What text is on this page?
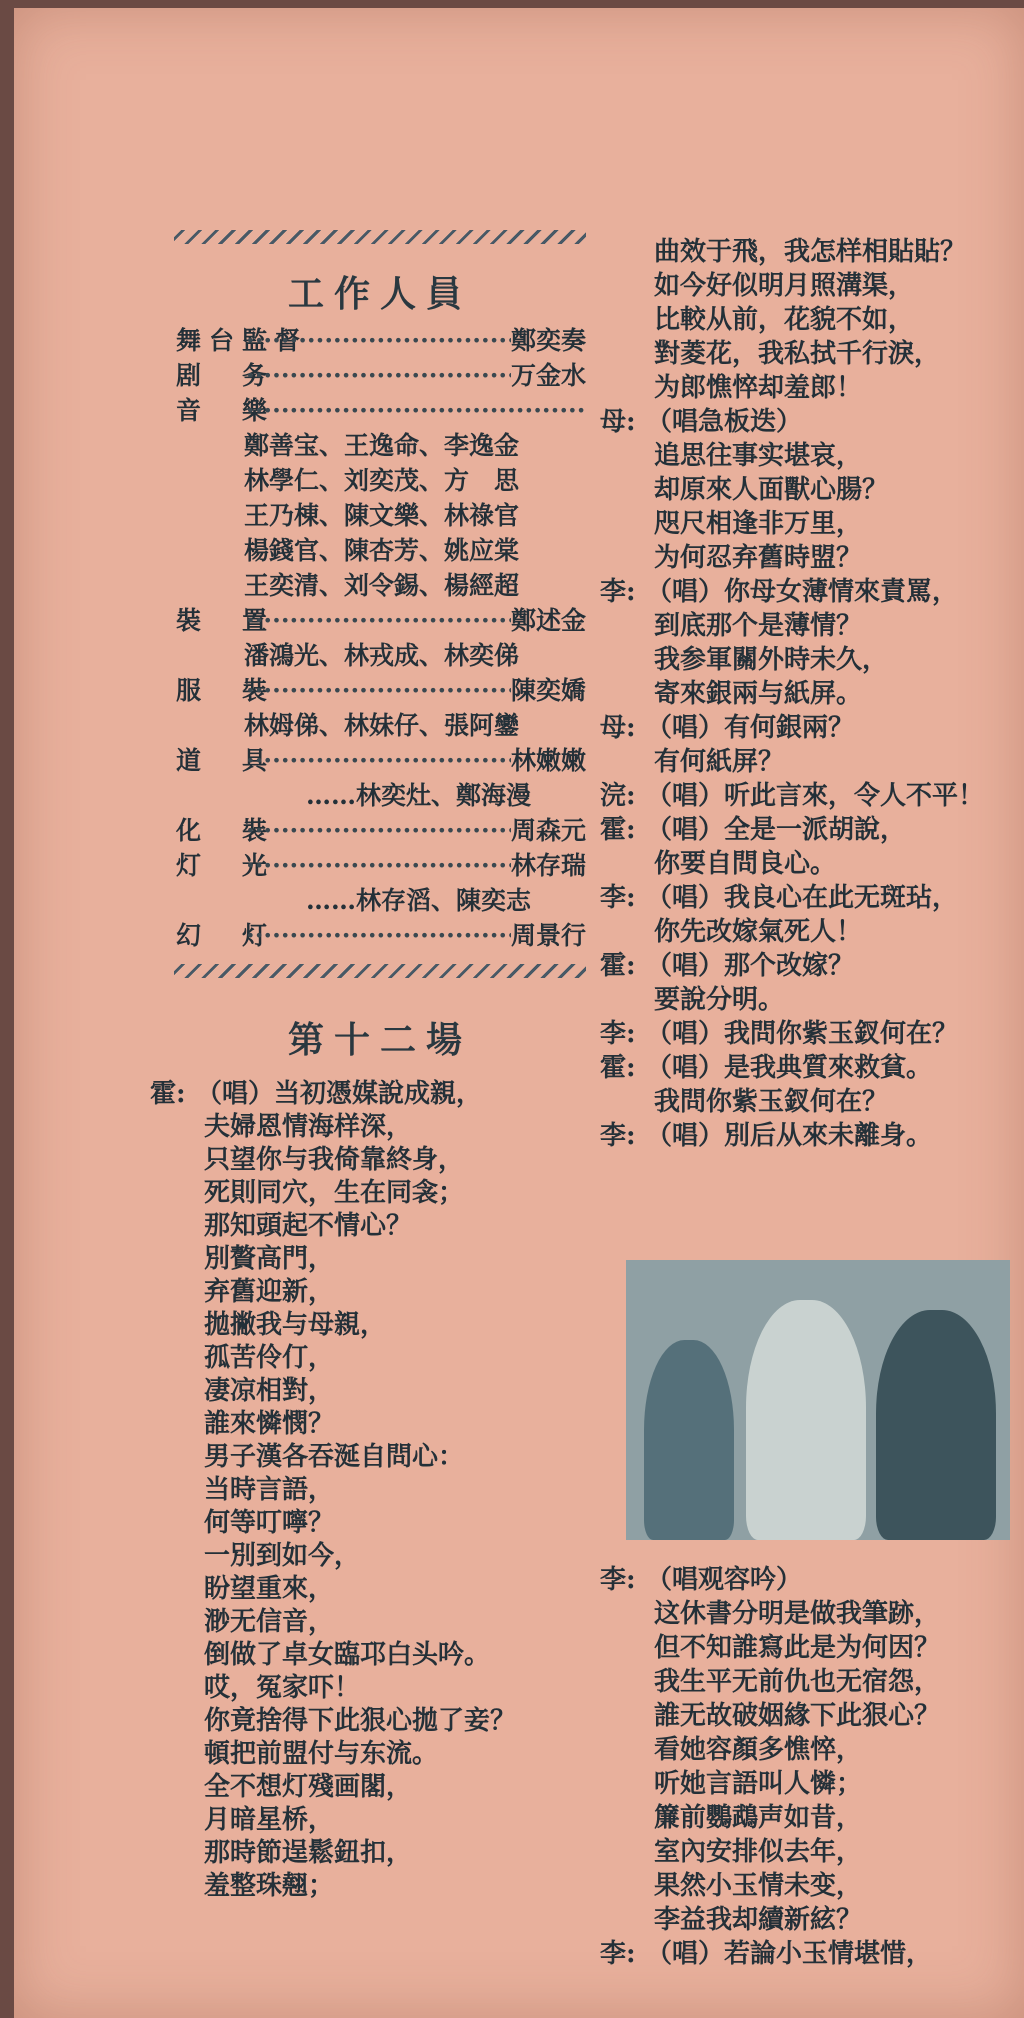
工作人員
舞台監督 ·····	鄭奕奏
剧　务 ·····	万金水
音　樂
·····
鄭善宝、王逸命、李逸金
林學仁、刘奕茂、方　思
王乃棟、陳文樂、林祿官
楊錢官、陳杏芳、姚应棠
王奕清、刘令錫、楊經超
裝　置 ·····	鄭述金
潘鴻光、林戎成、林奕俤
服　裝 ·····	陳奕嬌
林姆俤、林妹仔、張阿鑾
道　具 ·····	林嫩嫩
……林奕灶、鄭海漫
化　裝 ·····	周森元
灯　光 ·····	林存瑞
……林存滔、陳奕志
幻　灯 ·····	周景行
第十二場
霍: （唱）当初憑媒說成親，
夫婦恩情海样深，
只望你与我倚靠終身，
死則同穴，生在同衾；
那知頭起不情心？
別贅高門，
弃舊迎新，
拋撇我与母親，
孤苦伶仃，
凄凉相對，
誰來憐憫？
男子漢各吞涎自問心：
当時言語，
何等叮嚀？
一別到如今，
盼望重來，
渺无信音，
倒做了卓女臨邛白头吟。
哎，冤家吓！
你竟捨得下此狠心拋了妾？
頓把前盟付与东流。
全不想灯殘画閣，
月暗星桥，
那時節逞鬆鈕扣，
羞整珠翹；
曲效于飛，我怎样相貼貼？
如今好似明月照溝渠，
比較从前，花貌不如，
對菱花，我私拭千行淚，
为郎憔悴却羞郎！
母: （唱急板迭）
追思往事实堪哀，
却原來人面獸心腸？
咫尺相逢非万里，
为何忍弃舊時盟？
李: （唱）你母女薄情來責罵，
到底那个是薄情？
我参軍關外時未久，
寄來銀兩与紙屏。
母: （唱）有何銀兩？
有何紙屏？
浣: （唱）听此言來，令人不平！
霍: （唱）全是一派胡說，
你要自問良心。
李: （唱）我良心在此无斑玷，
你先改嫁氣死人！
霍: （唱）那个改嫁？
要說分明。
李: （唱）我問你紫玉釵何在？
霍: （唱）是我典質來救貧。
我問你紫玉釵何在？
李: （唱）別后从來未離身。
李: （唱观容吟）
这休書分明是做我筆跡，
但不知誰寫此是为何因？
我生平无前仇也无宿怨，
誰无故破姻緣下此狠心？
看她容顏多憔悴，
听她言語叫人憐；
簾前鸚鵡声如昔，
室內安排似去年，
果然小玉情未变，
李益我却續新絃？
李: （唱）若論小玉情堪惜，
